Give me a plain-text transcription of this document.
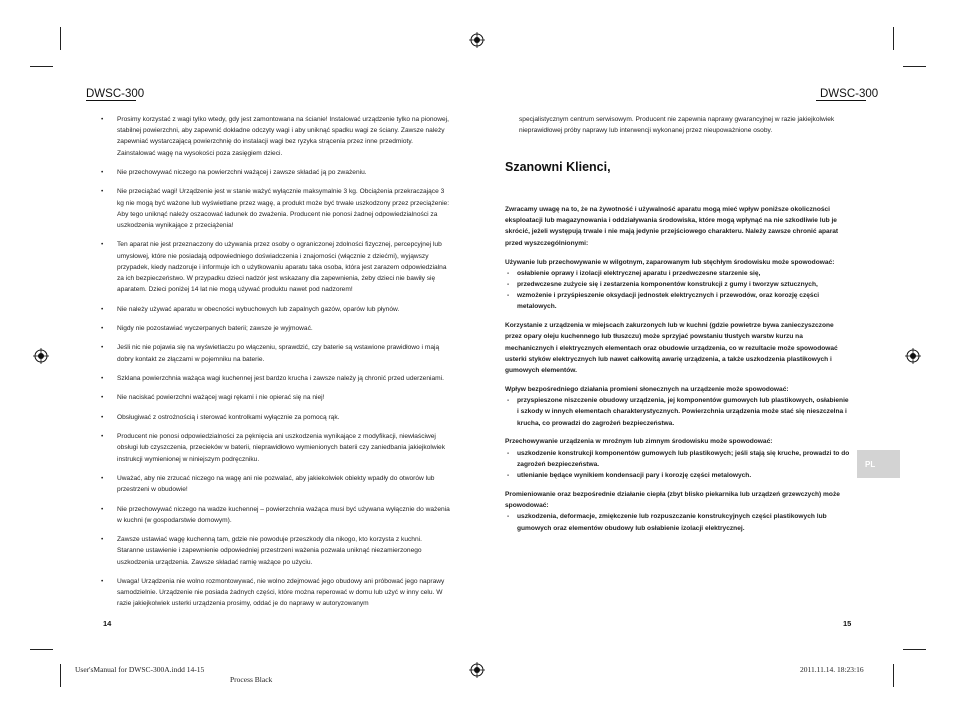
DWSC-300	DWSC-300
• Prosimy korzystać z wagi tylko wtedy, gdy jest zamontowana na ścianie! Instalować urządzenie tylko na pionowej, stabilnej powierzchni, aby zapewnić dokładne odczyty wagi i aby uniknąć spadku wagi ze ściany. Zawsze należy zapewniać wystarczającą powierzchnię do instalacji wagi bez ryzyka strącenia przez inne przedmioty. Zainstalować wagę na wysokości poza zasięgiem dzieci.
• Nie przechowywać niczego na powierzchni ważącej i zawsze składać ją po zważeniu.
• Nie przeciążać wagi! Urządzenie jest w stanie ważyć wyłącznie maksymalnie 3 kg. Obciążenia przekraczające 3 kg nie mogą być ważone lub wyświetlane przez wagę, a produkt może być trwale uszkodzony przez przeciążenie: Aby tego uniknąć należy oszacować ładunek do zważenia. Producent nie ponosi żadnej odpowiedzialności za uszkodzenia wynikające z przeciążenia!
• Ten aparat nie jest przeznaczony do używania przez osoby o ograniczonej zdolności fizycznej, percepcyjnej lub umysłowej, które nie posiadają odpowiedniego doświadczenia i znajomości (włącznie z dziećmi), wyjąwszy przypadek, kiedy nadzoruje i informuje ich o użytkowaniu aparatu taka osoba, która jest zarazem odpowiedzialna za ich bezpieczeństwo. W przypadku dzieci nadzór jest wskazany dla zapewnienia, żeby dzieci nie bawiły się aparatem. Dzieci poniżej 14 lat nie mogą używać produktu nawet pod nadzorem!
• Nie należy używać aparatu w obecności wybuchowych lub zapalnych gazów, oparów lub płynów.
• Nigdy nie pozostawiać wyczerpanych baterii; zawsze je wyjmować.
• Jeśli nic nie pojawia się na wyświetlaczu po włączeniu, sprawdzić, czy baterie są wstawione prawidłowo i mają dobry kontakt ze złączami w pojemniku na baterie.
• Szklana powierzchnia ważąca wagi kuchennej jest bardzo krucha i zawsze należy ją chronić przed uderzeniami.
• Nie naciskać powierzchni ważącej wagi rękami i nie opierać się na niej!
• Obsługiwać z ostrożnością i sterować kontrolkami wyłącznie za pomocą rąk.
• Producent nie ponosi odpowiedzialności za pęknięcia ani uszkodzenia wynikające z modyfikacji, niewłaściwej obsługi lub czyszczenia, przecieków w baterii, nieprawidłowo wymienionych baterii czy zaniedbania jakiejkolwiek instrukcji wymienionej w niniejszym podręczniku.
• Uważać, aby nie zrzucać niczego na wagę ani nie pozwalać, aby jakiekolwiek obiekty wpadły do otworów lub przestrzeni w obudowie!
• Nie przechowywać niczego na wadze kuchennej – powierzchnia ważąca musi być używana wyłącznie do ważenia w kuchni (w gospodarstwie domowym).
• Zawsze ustawiać wagę kuchenną tam, gdzie nie powoduje przeszkody dla nikogo, kto korzysta z kuchni. Staranne ustawienie i zapewnienie odpowiedniej przestrzeni ważenia pozwala uniknąć niezamierzonego uszkodzenia urządzenia. Zawsze składać ramię ważące po użyciu.
• Uwaga! Urządzenia nie wolno rozmontowywać, nie wolno zdejmować jego obudowy ani próbować jego naprawy samodzielnie. Urządzenie nie posiada żadnych części, które można reperować w domu lub użyć w inny celu. W razie jakiejkolwiek usterki urządzenia prosimy, oddać je do naprawy w autoryzowanym
14
specjalistycznym centrum serwisowym. Producent nie zapewnia naprawy gwarancyjnej w razie jakiejkolwiek nieprawidłowej próby naprawy lub interwencji wykonanej przez nieupoważnione osoby.
Szanowni Klienci,

Zwracamy uwagę na to, że na żywotność i używalność aparatu mogą mieć wpływ poniższe okoliczności eksploatacji lub magazynowania i oddziaływania środowiska, które mogą wpłynąć na nie szkodliwie lub je skrócić, jeżeli występują trwale i nie mają jedynie przejściowego charakteru. Należy zawsze chronić aparat przed wyszczególnionymi:

Używanie lub przechowywanie w wilgotnym, zaparowanym lub stęchłym środowisku może spowodować:

- osłabienie oprawy i izolacji elektrycznej aparatu i przedwczesne starzenie się,
- przedwczesne zużycie się i zestarzenia komponentów konstrukcji z gumy i tworzyw sztucznych,
- wzmożenie i przyśpieszenie oksydacji jednostek elektrycznych i przewodów, oraz korozję części metalowych.

Korzystanie z urządzenia w miejscach zakurzonych lub w kuchni (gdzie powietrze bywa zanieczyszczone przez opary oleju kuchennego lub tłuszczu) może sprzyjać powstaniu tłustych warstw kurzu na mechanicznych i elektrycznych elementach oraz obudowie urządzenia, co w rezultacie może spowodować usterki styków elektrycznych lub nawet całkowitą awarię urządzenia, a także uszkodzenia plastikowych i gumowych elementów.

Wpływ bezpośredniego działania promieni słonecznych na urządzenie może spowodować:

- przyspieszone niszczenie obudowy urządzenia, jej komponentów gumowych lub plastikowych, osłabienie i szkody w innych elementach charakterystycznych. Powierzchnia urządzenia może stać się nieszczelna i krucha, co prowadzi do zagrożeń bezpieczeństwa.

Przechowywanie urządzenia w mroźnym lub zimnym środowisku może spowodować:

- uszkodzenie konstrukcji komponentów gumowych lub plastikowych; jeśli stają się kruche, prowadzi to do zagrożeń bezpieczeństwa.
- utlenianie będące wynikiem kondensacji pary i korozję części metalowych.

Promieniowanie oraz bezpośrednie działanie ciepła (zbyt blisko piekarnika lub urządzeń grzewczych) może spowodować:

- uszkodzenia, deformacje, zmiękczenie lub rozpuszczanie konstrukcyjnych części plastikowych lub gumowych oraz elementów obudowy lub osłabienie izolacji elektrycznej.
PL
15
User'sManual for DWSC-300A.indd 14-15
Process Black
2011.11.14. 18:23:16
